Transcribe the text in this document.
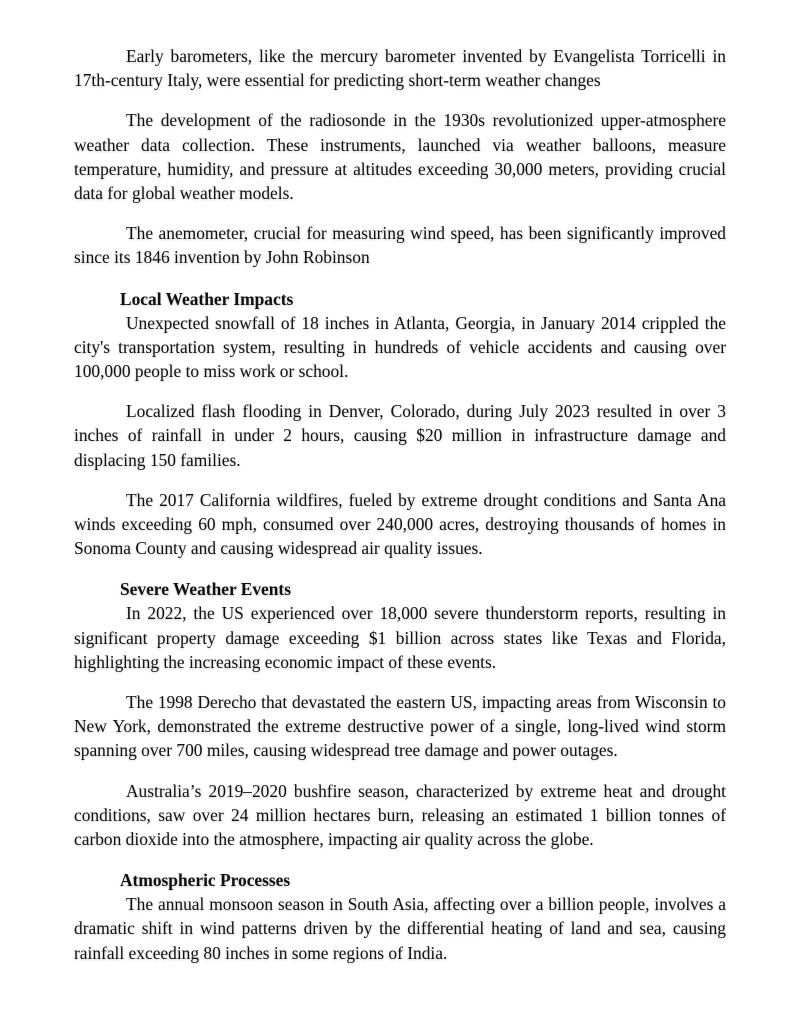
Early barometers, like the mercury barometer invented by Evangelista Torricelli in 17th-century Italy, were essential for predicting short-term weather changes

The development of the radiosonde in the 1930s revolutionized upper-atmosphere weather data collection. These instruments, launched via weather balloons, measure temperature, humidity, and pressure at altitudes exceeding 30,000 meters, providing crucial data for global weather models.

The anemometer, crucial for measuring wind speed, has been significantly improved since its 1846 invention by John Robinson

Local Weather Impacts

Unexpected snowfall of 18 inches in Atlanta, Georgia, in January 2014 crippled the city's transportation system, resulting in hundreds of vehicle accidents and causing over 100,000 people to miss work or school.

Localized flash flooding in Denver, Colorado, during July 2023 resulted in over 3 inches of rainfall in under 2 hours, causing $20 million in infrastructure damage and displacing 150 families.

The 2017 California wildfires, fueled by extreme drought conditions and Santa Ana winds exceeding 60 mph, consumed over 240,000 acres, destroying thousands of homes in Sonoma County and causing widespread air quality issues.

Severe Weather Events

In 2022, the US experienced over 18,000 severe thunderstorm reports, resulting in significant property damage exceeding $1 billion across states like Texas and Florida, highlighting the increasing economic impact of these events.

The 1998 Derecho that devastated the eastern US, impacting areas from Wisconsin to New York, demonstrated the extreme destructive power of a single, long-lived wind storm spanning over 700 miles, causing widespread tree damage and power outages.

Australia’s 2019–2020 bushfire season, characterized by extreme heat and drought conditions, saw over 24 million hectares burn, releasing an estimated 1 billion tonnes of carbon dioxide into the atmosphere, impacting air quality across the globe.

Atmospheric Processes

The annual monsoon season in South Asia, affecting over a billion people, involves a dramatic shift in wind patterns driven by the differential heating of land and sea, causing rainfall exceeding 80 inches in some regions of India.
